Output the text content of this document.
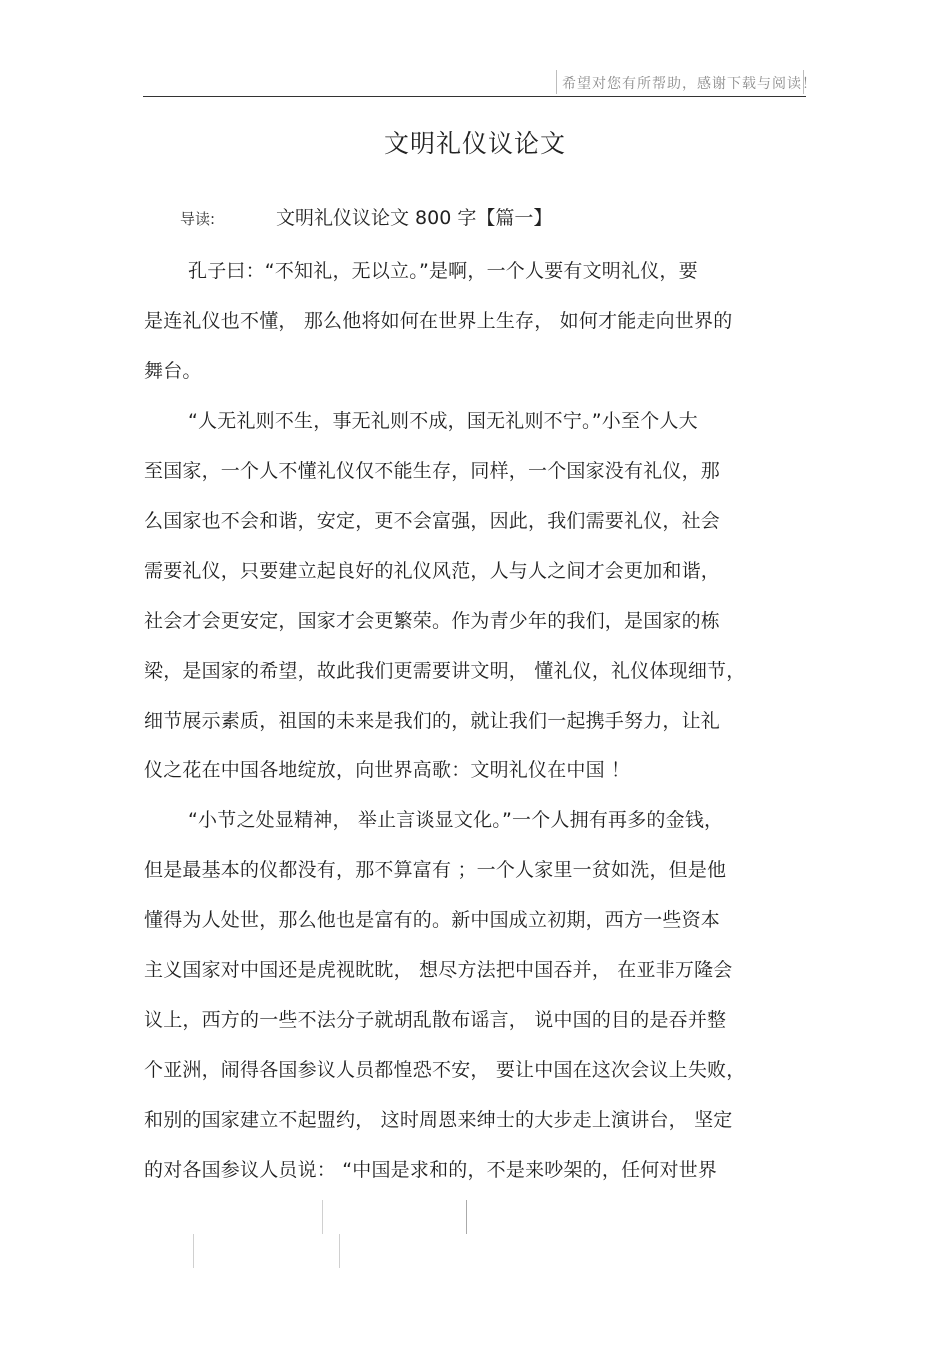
希望对您有所帮助，感谢下载与阅读！
文明礼仪议论文
导读:	文明礼仪议论文 800 字【篇一】
孔子曰：“不知礼，无以立。”是啊，一个人要有文明礼仪，要
是连礼仪也不懂， 那么他将如何在世界上生存， 如何才能走向世界的
舞台。
“人无礼则不生，事无礼则不成，国无礼则不宁。”小至个人大
至国家，一个人不懂礼仪仅不能生存，同样，一个国家没有礼仪，那
么国家也不会和谐，安定，更不会富强，因此，我们需要礼仪，社会
需要礼仪，只要建立起良好的礼仪风范，人与人之间才会更加和谐，
社会才会更安定，国家才会更繁荣。作为青少年的我们，是国家的栋
梁，是国家的希望，故此我们更需要讲文明， 懂礼仪，礼仪体现细节，
细节展示素质，祖国的未来是我们的，就让我们一起携手努力，让礼
仪之花在中国各地绽放，向世界高歌：文明礼仪在中国 ！
“小节之处显精神， 举止言谈显文化。”一个人拥有再多的金钱，
但是最基本的仪都没有，那不算富有 ；一个人家里一贫如洗，但是他
懂得为人处世，那么他也是富有的。新中国成立初期，西方一些资本
主义国家对中国还是虎视眈眈， 想尽方法把中国吞并， 在亚非万隆会
议上，西方的一些不法分子就胡乱散布谣言， 说中国的目的是吞并整
个亚洲，闹得各国参议人员都惶恐不安， 要让中国在这次会议上失败，
和别的国家建立不起盟约， 这时周恩来绅士的大步走上演讲台， 坚定
的对各国参议人员说： “中国是求和的，不是来吵架的，任何对世界
